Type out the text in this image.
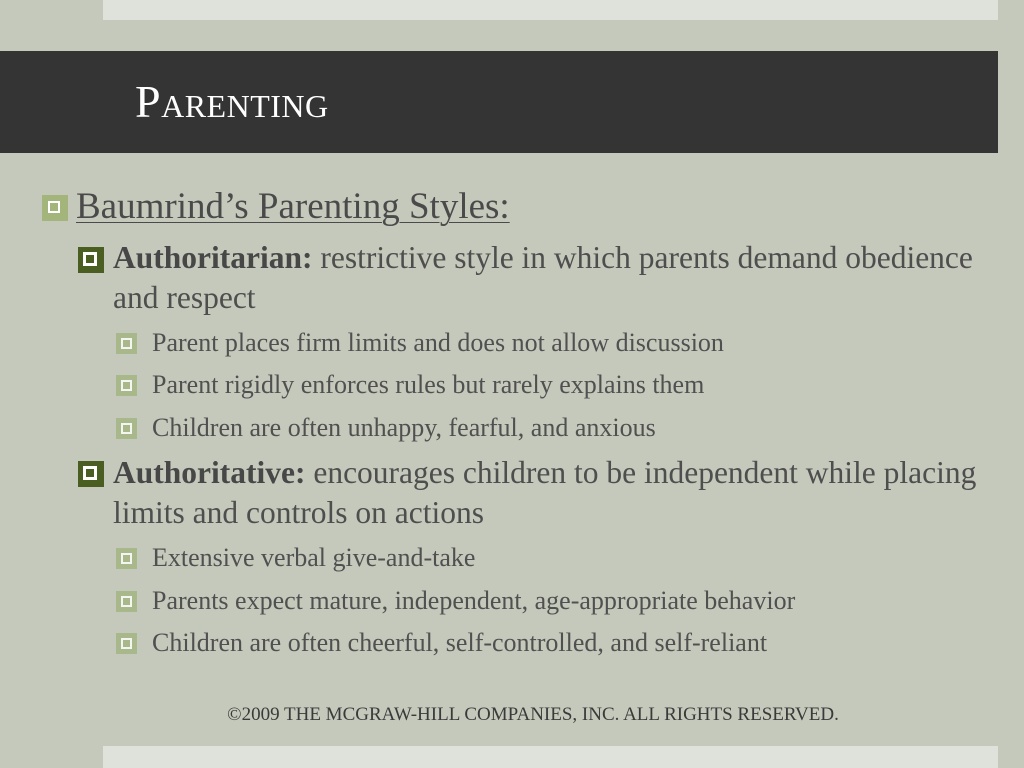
Parenting
Baumrind’s Parenting Styles:
Authoritarian: restrictive style in which parents demand obedience and respect
Parent places firm limits and does not allow discussion
Parent rigidly enforces rules but rarely explains them
Children are often unhappy, fearful, and anxious
Authoritative: encourages children to be independent while placing limits and controls on actions
Extensive verbal give-and-take
Parents expect mature, independent, age-appropriate behavior
Children are often cheerful, self-controlled, and self-reliant
©2009 THE MCGRAW-HILL COMPANIES, INC. ALL RIGHTS RESERVED.
